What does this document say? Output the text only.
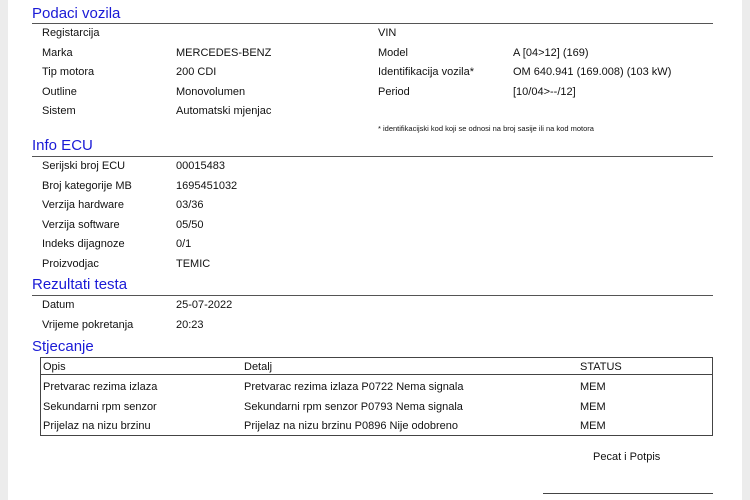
Podaci vozila
Registarcija
Marka	MERCEDES-BENZ
Tip motora	200 CDI
Outline	Monovolumen
Sistem	Automatski mjenjac
VIN
Model	A [04>12] (169)
Identifikacija vozila*	OM 640.941 (169.008) (103 kW)
Period	[10/04>--/12]
* identifikacijski kod koji se odnosi na broj sasije ili na kod motora
Info ECU
Serijski broj ECU	00015483
Broj kategorije MB	1695451032
Verzija hardware	03/36
Verzija software	05/50
Indeks dijagnoze	0/1
Proizvodjac	TEMIC
Rezultati testa
Datum	25-07-2022
Vrijeme pokretanja	20:23
Stjecanje
Opis	Detalj	STATUS
Pretvarac rezima izlaza	Pretvarac rezima izlaza P0722 Nema signala	MEM
Sekundarni rpm senzor	Sekundarni rpm senzor P0793 Nema signala	MEM
Prijelaz na nizu brzinu	Prijelaz na nizu brzinu P0896 Nije odobreno	MEM
Pecat i Potpis
